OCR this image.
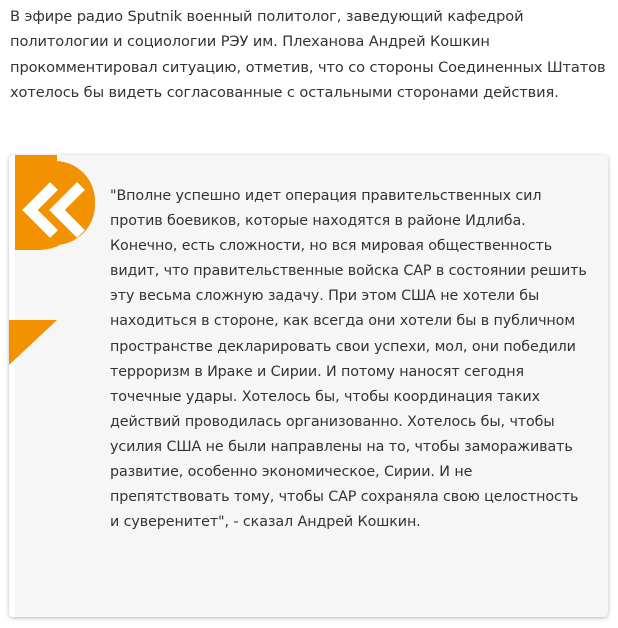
В эфире радио Sputnik военный политолог, заведующий кафедрой политологии и социологии РЭУ им. Плеханова Андрей Кошкин прокомментировал ситуацию, отметив, что со стороны Соединенных Штатов хотелось бы видеть согласованные с остальными сторонами действия.

"Вполне успешно идет операция правительственных сил против боевиков, которые находятся в районе Идлиба. Конечно, есть сложности, но вся мировая общественность видит, что правительственные войска САР в состоянии решить эту весьма сложную задачу. При этом США не хотели бы находиться в стороне, как всегда они хотели бы в публичном пространстве декларировать свои успехи, мол, они победили терроризм в Ираке и Сирии. И потому наносят сегодня точечные удары. Хотелось бы, чтобы координация таких действий проводилась организованно. Хотелось бы, чтобы усилия США не были направлены на то, чтобы замораживать развитие, особенно экономическое, Сирии. И не препятствовать тому, чтобы САР сохраняла свою целостность и суверенитет", - сказал Андрей Кошкин.
